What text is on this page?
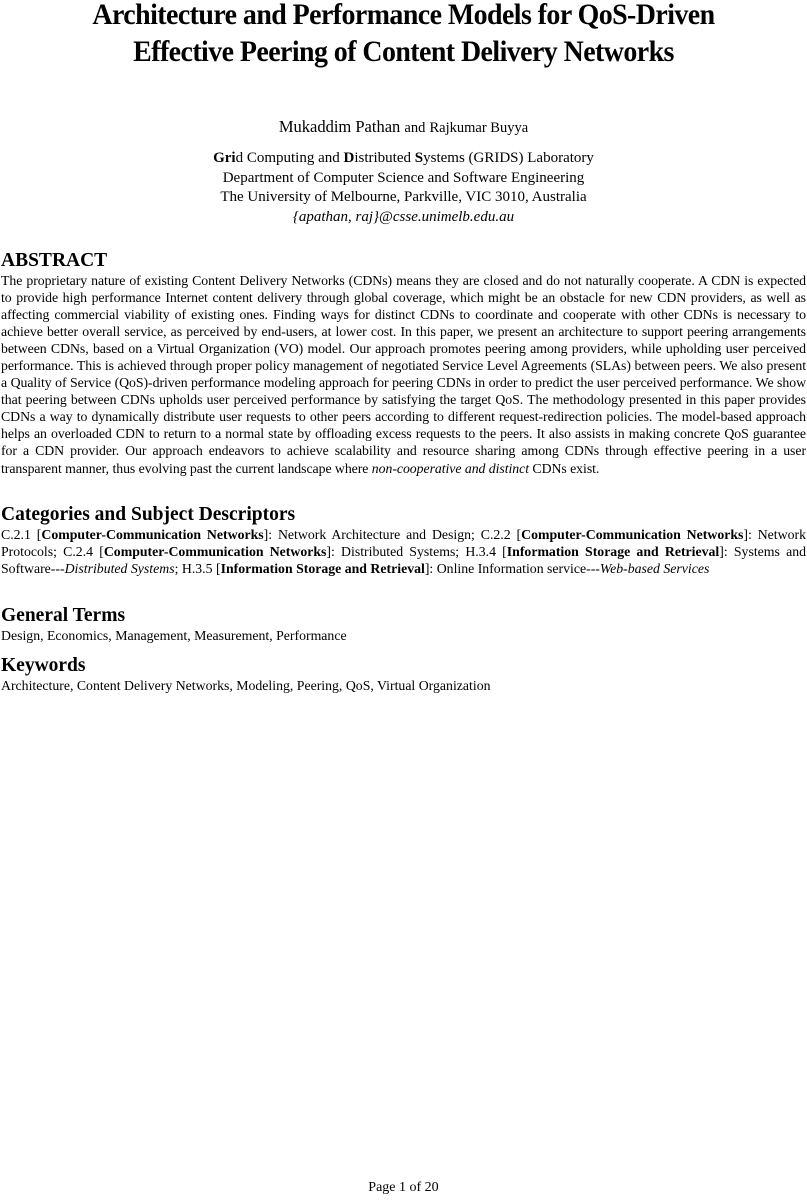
Architecture and Performance Models for QoS-Driven
Effective Peering of Content Delivery Networks
Mukaddim Pathan and Rajkumar Buyya
Grid Computing and Distributed Systems (GRIDS) Laboratory
Department of Computer Science and Software Engineering
The University of Melbourne, Parkville, VIC 3010, Australia
{apathan, raj}@csse.unimelb.edu.au
ABSTRACT

The proprietary nature of existing Content Delivery Networks (CDNs) means they are closed and do not naturally cooperate. A CDN is expected to provide high performance Internet content delivery through global coverage, which might be an obstacle for new CDN providers, as well as affecting commercial viability of existing ones. Finding ways for distinct CDNs to coordinate and cooperate with other CDNs is necessary to achieve better overall service, as perceived by end-users, at lower cost. In this paper, we present an architecture to support peering arrangements between CDNs, based on a Virtual Organization (VO) model. Our approach promotes peering among providers, while upholding user perceived performance. This is achieved through proper policy management of negotiated Service Level Agreements (SLAs) between peers. We also present a Quality of Service (QoS)-driven performance modeling approach for peering CDNs in order to predict the user perceived performance. We show that peering between CDNs upholds user perceived performance by satisfying the target QoS. The methodology presented in this paper provides CDNs a way to dynamically distribute user requests to other peers according to different request-redirection policies. The model-based approach helps an overloaded CDN to return to a normal state by offloading excess requests to the peers. It also assists in making concrete QoS guarantee for a CDN provider. Our approach endeavors to achieve scalability and resource sharing among CDNs through effective peering in a user transparent manner, thus evolving past the current landscape where non-cooperative and distinct CDNs exist.

Categories and Subject Descriptors

C.2.1 [Computer-Communication Networks]: Network Architecture and Design; C.2.2 [Computer-Communication Networks]: Network Protocols; C.2.4 [Computer-Communication Networks]: Distributed Systems; H.3.4 [Information Storage and Retrieval]: Systems and Software---Distributed Systems; H.3.5 [Information Storage and Retrieval]: Online Information service---Web-based Services

General Terms

Design, Economics, Management, Measurement, Performance

Keywords

Architecture, Content Delivery Networks, Modeling, Peering, QoS, Virtual Organization

Page 1 of 20
